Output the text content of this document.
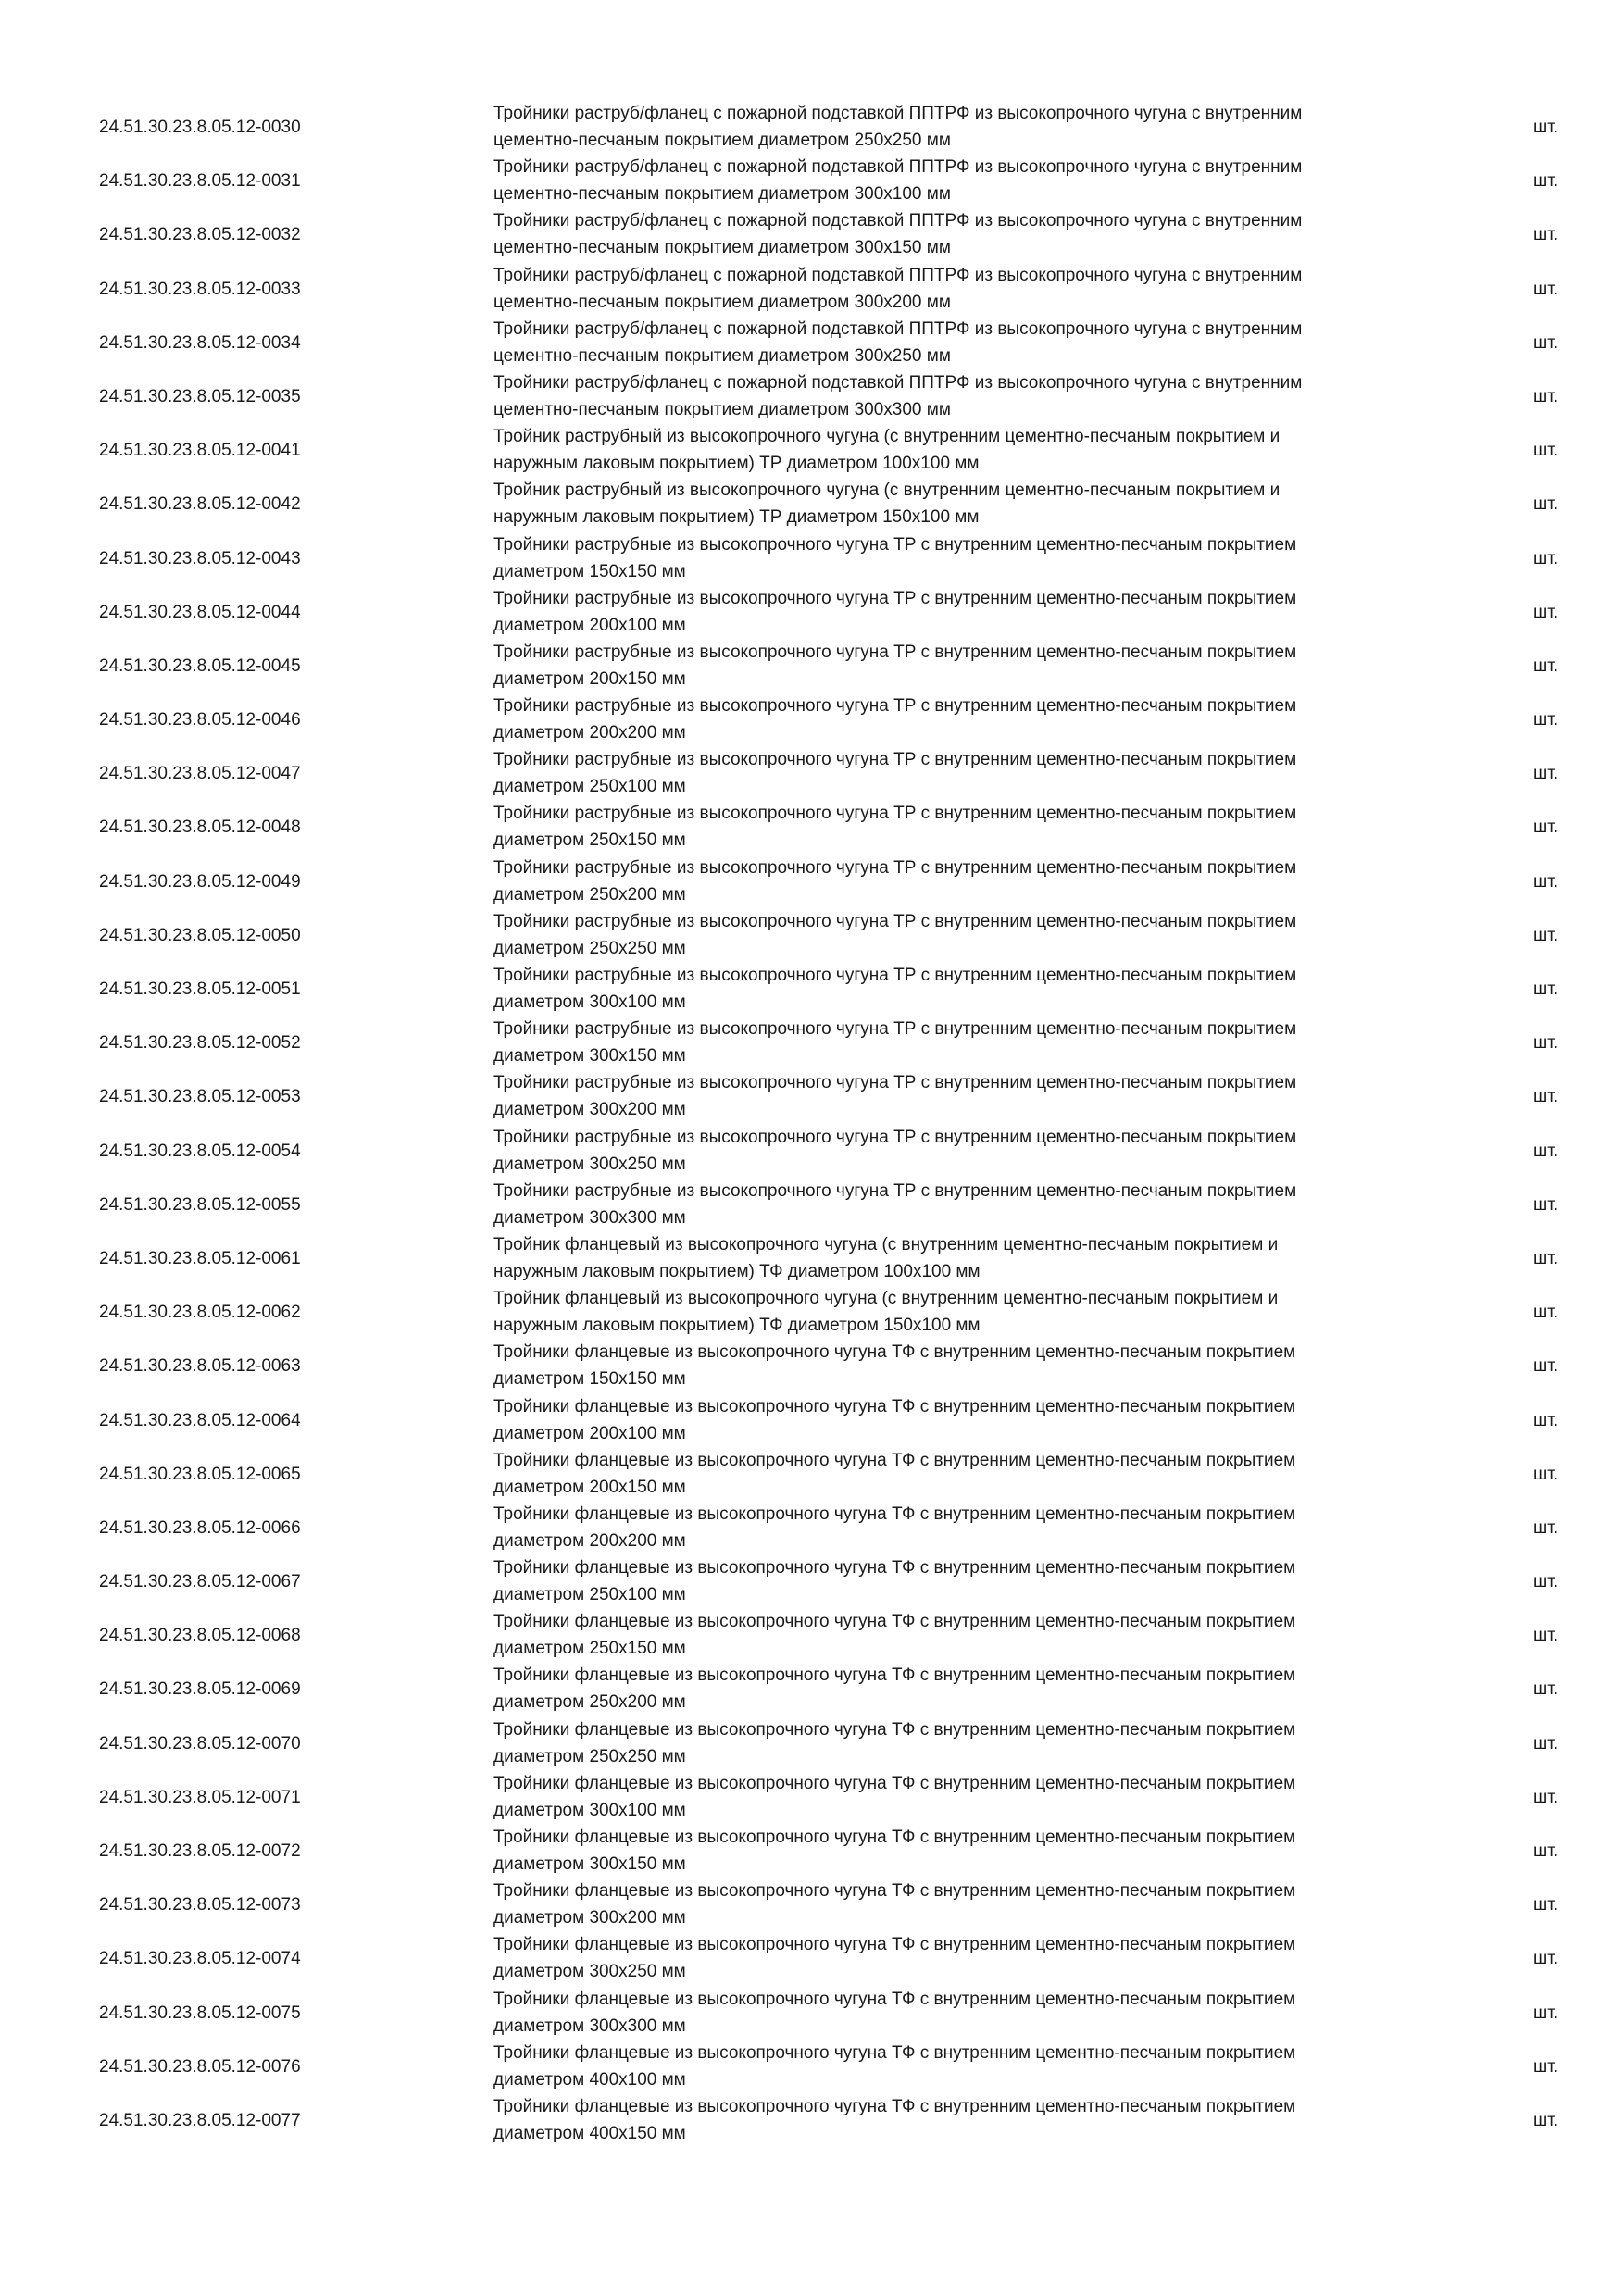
24.51.30.23.8.05.12-0030
Тройники раструб/фланец с пожарной подставкой ППТРФ из высокопрочного чугуна с внутренним
цементно-песчаным покрытием диаметром 250x250 мм
шт.
24.51.30.23.8.05.12-0031
Тройники раструб/фланец с пожарной подставкой ППТРФ из высокопрочного чугуна с внутренним
цементно-песчаным покрытием диаметром 300x100 мм
шт.
24.51.30.23.8.05.12-0032
Тройники раструб/фланец с пожарной подставкой ППТРФ из высокопрочного чугуна с внутренним
цементно-песчаным покрытием диаметром 300x150 мм
шт.
24.51.30.23.8.05.12-0033
Тройники раструб/фланец с пожарной подставкой ППТРФ из высокопрочного чугуна с внутренним
цементно-песчаным покрытием диаметром 300x200 мм
шт.
24.51.30.23.8.05.12-0034
Тройники раструб/фланец с пожарной подставкой ППТРФ из высокопрочного чугуна с внутренним
цементно-песчаным покрытием диаметром 300x250 мм
шт.
24.51.30.23.8.05.12-0035
Тройники раструб/фланец с пожарной подставкой ППТРФ из высокопрочного чугуна с внутренним
цементно-песчаным покрытием диаметром 300x300 мм
шт.
24.51.30.23.8.05.12-0041
Тройник раструбный из высокопрочного чугуна (с внутренним цементно-песчаным покрытием и
наружным лаковым покрытием) ТР диаметром 100x100 мм
шт.
24.51.30.23.8.05.12-0042
Тройник раструбный из высокопрочного чугуна (с внутренним цементно-песчаным покрытием и
наружным лаковым покрытием) ТР диаметром 150x100 мм
шт.
24.51.30.23.8.05.12-0043
Тройники раструбные из высокопрочного чугуна ТР с внутренним цементно-песчаным покрытием
диаметром 150x150 мм
шт.
24.51.30.23.8.05.12-0044
Тройники раструбные из высокопрочного чугуна ТР с внутренним цементно-песчаным покрытием
диаметром 200x100 мм
шт.
24.51.30.23.8.05.12-0045
Тройники раструбные из высокопрочного чугуна ТР с внутренним цементно-песчаным покрытием
диаметром 200x150 мм
шт.
24.51.30.23.8.05.12-0046
Тройники раструбные из высокопрочного чугуна ТР с внутренним цементно-песчаным покрытием
диаметром 200x200 мм
шт.
24.51.30.23.8.05.12-0047
Тройники раструбные из высокопрочного чугуна ТР с внутренним цементно-песчаным покрытием
диаметром 250x100 мм
шт.
24.51.30.23.8.05.12-0048
Тройники раструбные из высокопрочного чугуна ТР с внутренним цементно-песчаным покрытием
диаметром 250x150 мм
шт.
24.51.30.23.8.05.12-0049
Тройники раструбные из высокопрочного чугуна ТР с внутренним цементно-песчаным покрытием
диаметром 250x200 мм
шт.
24.51.30.23.8.05.12-0050
Тройники раструбные из высокопрочного чугуна ТР с внутренним цементно-песчаным покрытием
диаметром 250x250 мм
шт.
24.51.30.23.8.05.12-0051
Тройники раструбные из высокопрочного чугуна ТР с внутренним цементно-песчаным покрытием
диаметром 300x100 мм
шт.
24.51.30.23.8.05.12-0052
Тройники раструбные из высокопрочного чугуна ТР с внутренним цементно-песчаным покрытием
диаметром 300x150 мм
шт.
24.51.30.23.8.05.12-0053
Тройники раструбные из высокопрочного чугуна ТР с внутренним цементно-песчаным покрытием
диаметром 300x200 мм
шт.
24.51.30.23.8.05.12-0054
Тройники раструбные из высокопрочного чугуна ТР с внутренним цементно-песчаным покрытием
диаметром 300x250 мм
шт.
24.51.30.23.8.05.12-0055
Тройники раструбные из высокопрочного чугуна ТР с внутренним цементно-песчаным покрытием
диаметром 300x300 мм
шт.
24.51.30.23.8.05.12-0061
Тройник фланцевый из высокопрочного чугуна (с внутренним цементно-песчаным покрытием и
наружным лаковым покрытием) ТФ диаметром 100x100 мм
шт.
24.51.30.23.8.05.12-0062
Тройник фланцевый из высокопрочного чугуна (с внутренним цементно-песчаным покрытием и
наружным лаковым покрытием) ТФ диаметром 150x100 мм
шт.
24.51.30.23.8.05.12-0063
Тройники фланцевые из высокопрочного чугуна ТФ с внутренним цементно-песчаным покрытием
диаметром 150x150 мм
шт.
24.51.30.23.8.05.12-0064
Тройники фланцевые из высокопрочного чугуна ТФ с внутренним цементно-песчаным покрытием
диаметром 200x100 мм
шт.
24.51.30.23.8.05.12-0065
Тройники фланцевые из высокопрочного чугуна ТФ с внутренним цементно-песчаным покрытием
диаметром 200x150 мм
шт.
24.51.30.23.8.05.12-0066
Тройники фланцевые из высокопрочного чугуна ТФ с внутренним цементно-песчаным покрытием
диаметром 200x200 мм
шт.
24.51.30.23.8.05.12-0067
Тройники фланцевые из высокопрочного чугуна ТФ с внутренним цементно-песчаным покрытием
диаметром 250x100 мм
шт.
24.51.30.23.8.05.12-0068
Тройники фланцевые из высокопрочного чугуна ТФ с внутренним цементно-песчаным покрытием
диаметром 250x150 мм
шт.
24.51.30.23.8.05.12-0069
Тройники фланцевые из высокопрочного чугуна ТФ с внутренним цементно-песчаным покрытием
диаметром 250x200 мм
шт.
24.51.30.23.8.05.12-0070
Тройники фланцевые из высокопрочного чугуна ТФ с внутренним цементно-песчаным покрытием
диаметром 250x250 мм
шт.
24.51.30.23.8.05.12-0071
Тройники фланцевые из высокопрочного чугуна ТФ с внутренним цементно-песчаным покрытием
диаметром 300x100 мм
шт.
24.51.30.23.8.05.12-0072
Тройники фланцевые из высокопрочного чугуна ТФ с внутренним цементно-песчаным покрытием
диаметром 300x150 мм
шт.
24.51.30.23.8.05.12-0073
Тройники фланцевые из высокопрочного чугуна ТФ с внутренним цементно-песчаным покрытием
диаметром 300x200 мм
шт.
24.51.30.23.8.05.12-0074
Тройники фланцевые из высокопрочного чугуна ТФ с внутренним цементно-песчаным покрытием
диаметром 300x250 мм
шт.
24.51.30.23.8.05.12-0075
Тройники фланцевые из высокопрочного чугуна ТФ с внутренним цементно-песчаным покрытием
диаметром 300x300 мм
шт.
24.51.30.23.8.05.12-0076
Тройники фланцевые из высокопрочного чугуна ТФ с внутренним цементно-песчаным покрытием
диаметром 400x100 мм
шт.
24.51.30.23.8.05.12-0077
Тройники фланцевые из высокопрочного чугуна ТФ с внутренним цементно-песчаным покрытием
диаметром 400x150 мм
шт.
